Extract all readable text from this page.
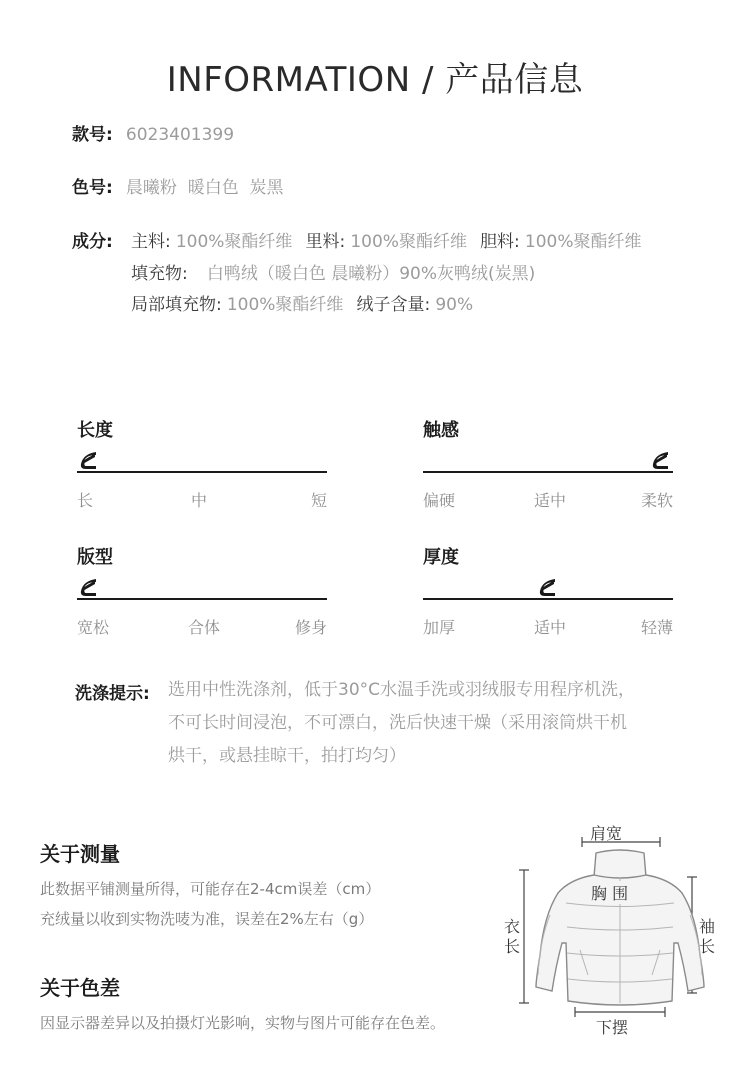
INFORMATION / 产品信息
款号: 6023401399
色号: 晨曦粉  暖白色  炭黑
成分: 主料: 100%聚酯纤维 里料: 100%聚酯纤维 胆料: 100%聚酯纤维
填充物: 白鸭绒（暖白色 晨曦粉）90%灰鸭绒(炭黑)
局部填充物: 100%聚酯纤维 绒子含量: 90%
长度
长	中	短
触感
偏硬	适中	柔软
版型
宽松	合体	修身
厚度
加厚	适中	轻薄
洗涤提示: 选用中性洗涤剂，低于30°C水温手洗或羽绒服专用程序机洗，
不可长时间浸泡，不可漂白，洗后快速干燥（采用滚筒烘干机
烘干，或悬挂晾干，拍打均匀）
关于测量
此数据平铺测量所得，可能存在2-4cm误差（cm）
充绒量以收到实物洗唛为准，误差在2%左右（g）
关于色差
因显示器差异以及拍摄灯光影响，实物与图片可能存在色差。
肩宽
胸 围
衣长
袖长
下摆
